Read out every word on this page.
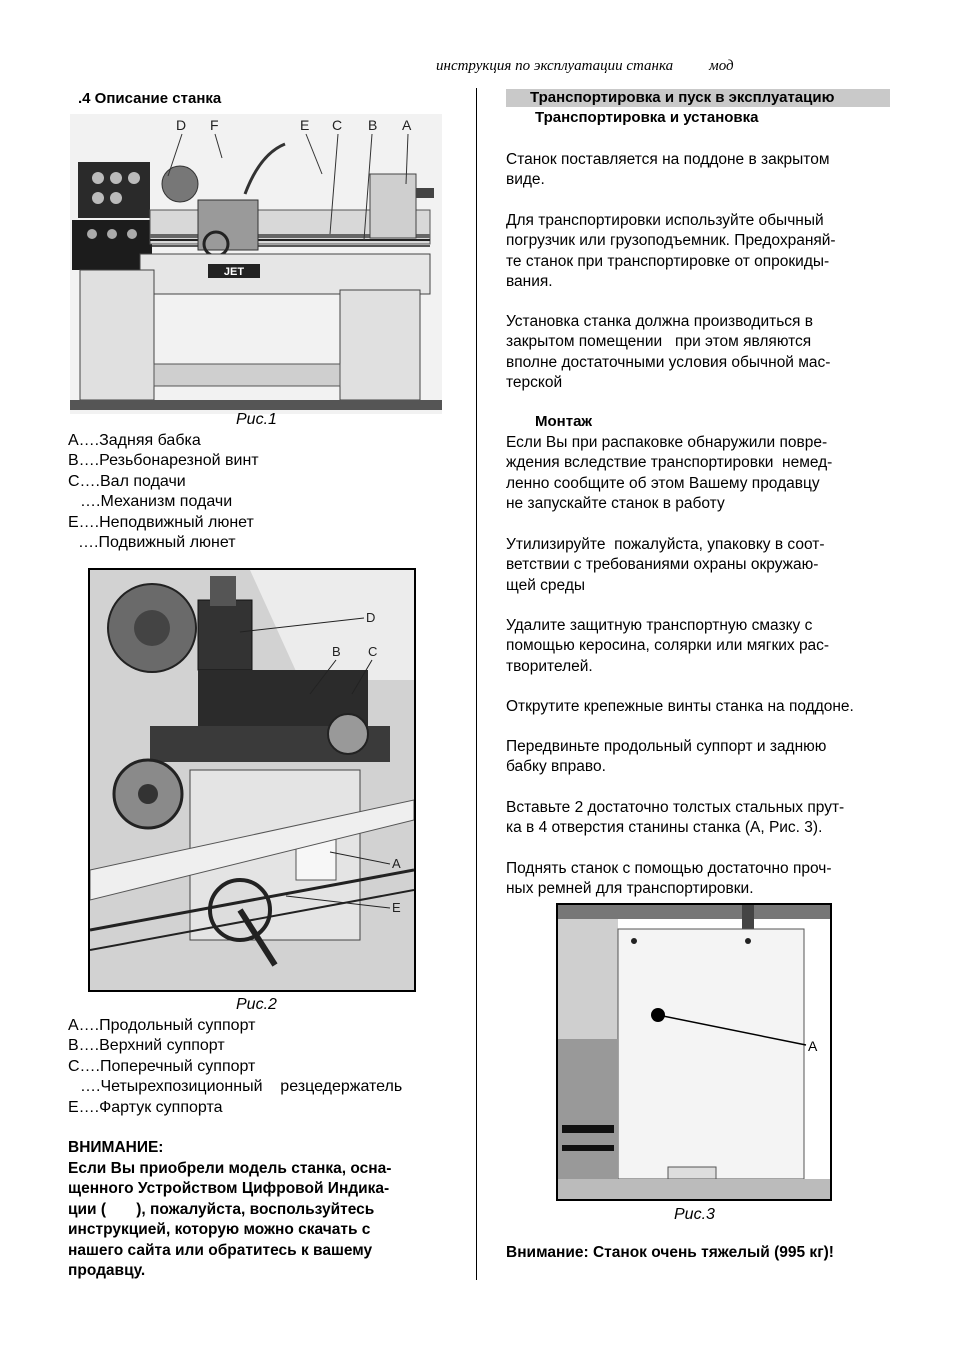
инструкция по эксплуатации станка мод
.4 Описание станка
JET
D F	E C B A
Рис.1
A….Задняя бабка
B….Резьбонарезной винт
C….Вал подачи
….Механизм подачи
E….Неподвижный люнет
….Подвижный люнет
D
B C
A
E
Рис.2
A….Продольный суппорт
B….Верхний суппорт
C….Поперечный суппорт
….Четырехпозиционный    резцедержатель
E….Фартук суппорта
ВНИМАНИЕ:
Если Вы приобрели модель станка, осна-
щенного Устройством Цифровой Индика-
ции (       ), пожалуйста, воспользуйтесь
инструкцией, которую можно скачать с
нашего сайта или обратитесь к вашему
продавцу.
Транспортировка и пуск в эксплуатацию
Транспортировка и установка
Станок поставляется на поддоне в закрытом
виде.
Для транспортировки используйте обычный
погрузчик или грузоподъемник. Предохраняй-
те станок при транспортировке от опрокиды-
вания.
Установка станка должна производиться в
закрытом помещении   при этом являются
вполне достаточными условия обычной мас-
терской
Монтаж
Если Вы при распаковке обнаружили повре-
ждения вследствие транспортировки  немед-
ленно сообщите об этом Вашему продавцу
не запускайте станок в работу
Утилизируйте  пожалуйста, упаковку в соот-
ветствии с требованиями охраны окружаю-
щей среды
Удалите защитную транспортную смазку с
помощью керосина, солярки или мягких рас-
творителей.
Открутите крепежные винты станка на поддоне.
Передвиньте продольный суппорт и заднюю
бабку вправо.
Вставьте 2 достаточно толстых стальных прут-
ка в 4 отверстия станины станка (A, Рис. 3).
Поднять станок с помощью достаточно проч-
ных ремней для транспортировки.
A
Рис.3
Внимание: Станок очень тяжелый (995 кг)!
